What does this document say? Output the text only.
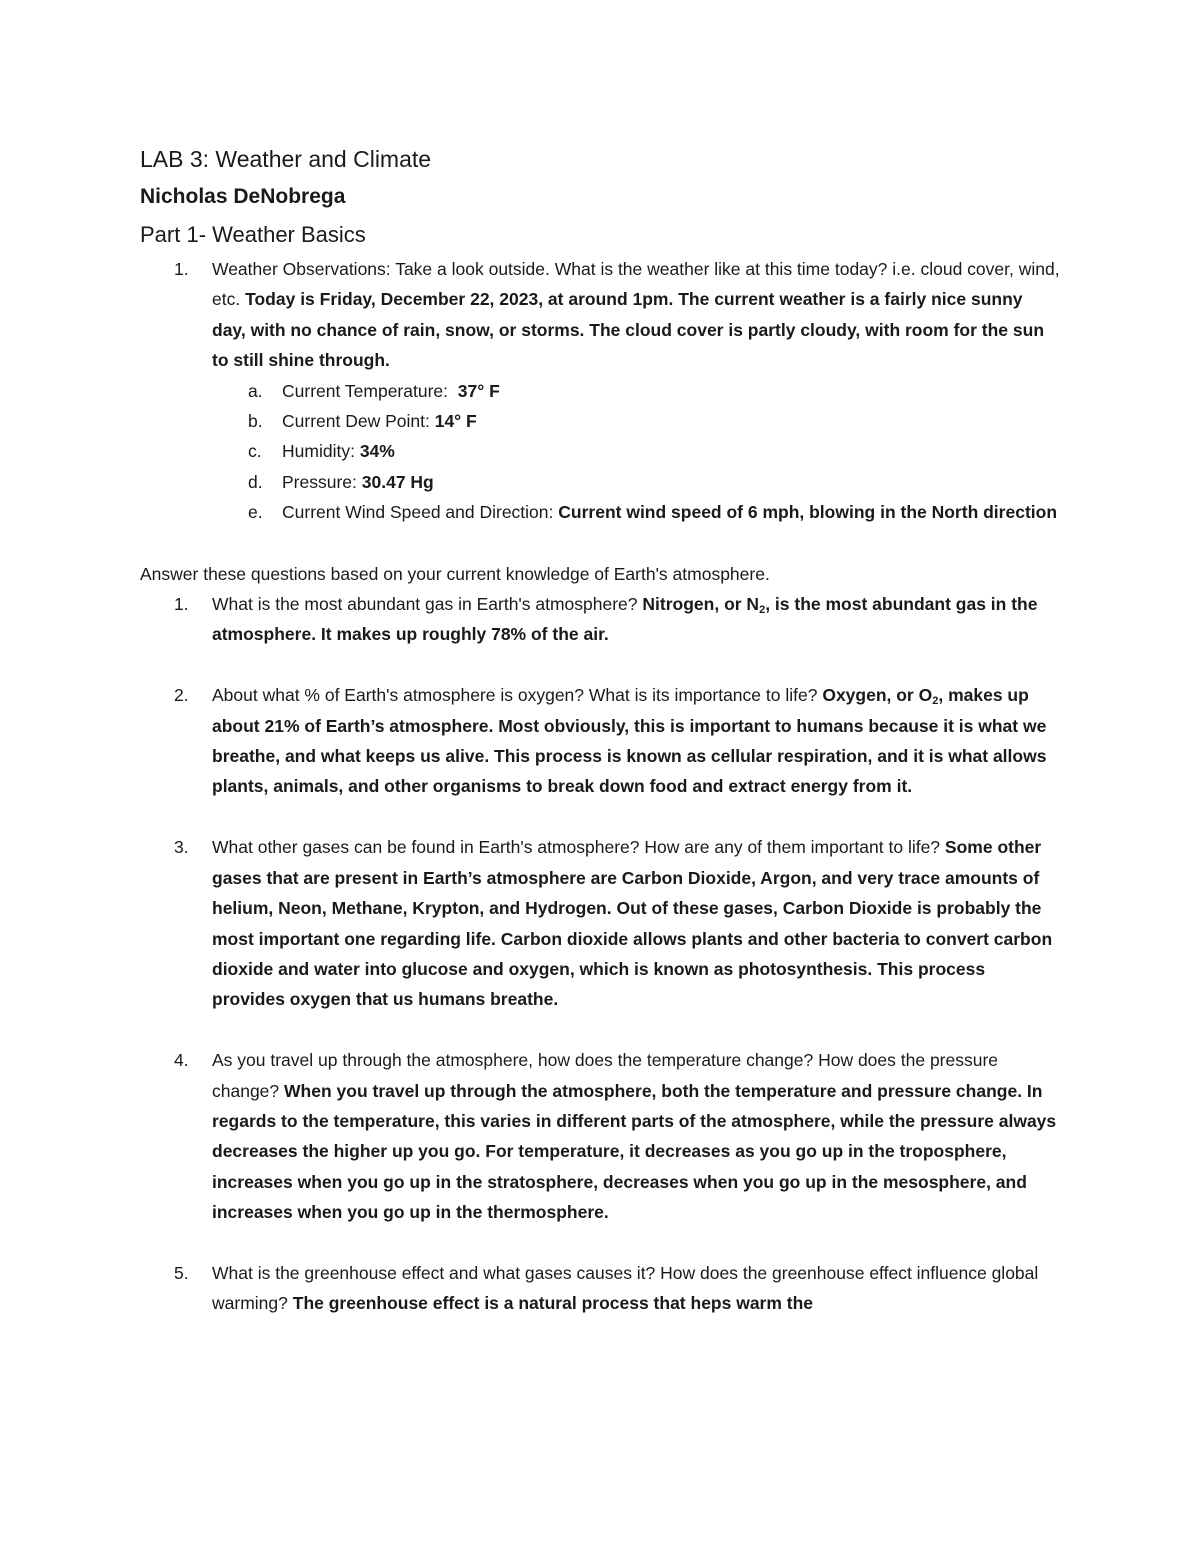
LAB 3: Weather and Climate

Nicholas DeNobrega

Part 1- Weather Basics

1. Weather Observations: Take a look outside. What is the weather like at this time today? i.e. cloud cover, wind, etc. Today is Friday, December 22, 2023, at around 1pm. The current weather is a fairly nice sunny day, with no chance of rain, snow, or storms. The cloud cover is partly cloudy, with room for the sun to still shine through.
a. Current Temperature: 37° F
b. Current Dew Point: 14° F
c. Humidity: 34%
d. Pressure: 30.47 Hg
e. Current Wind Speed and Direction: Current wind speed of 6 mph, blowing in the North direction

Answer these questions based on your current knowledge of Earth's atmosphere.

1. What is the most abundant gas in Earth's atmosphere? Nitrogen, or $N_2$, is the most abundant gas in the atmosphere. It makes up roughly 78% of the air.
2. About what % of Earth's atmosphere is oxygen? What is its importance to life? Oxygen, or $O_2$, makes up about 21% of Earth’s atmosphere. Most obviously, this is important to humans because it is what we breathe, and what keeps us alive. This process is known as cellular respiration, and it is what allows plants, animals, and other organisms to break down food and extract energy from it.
3. What other gases can be found in Earth's atmosphere? How are any of them important to life? Some other gases that are present in Earth’s atmosphere are Carbon Dioxide, Argon, and very trace amounts of helium, Neon, Methane, Krypton, and Hydrogen. Out of these gases, Carbon Dioxide is probably the most important one regarding life. Carbon dioxide allows plants and other bacteria to convert carbon dioxide and water into glucose and oxygen, which is known as photosynthesis. This process provides oxygen that us humans breathe.
4. As you travel up through the atmosphere, how does the temperature change? How does the pressure change? When you travel up through the atmosphere, both the temperature and pressure change. In regards to the temperature, this varies in different parts of the atmosphere, while the pressure always decreases the higher up you go. For temperature, it decreases as you go up in the troposphere, increases when you go up in the stratosphere, decreases when you go up in the mesosphere, and increases when you go up in the thermosphere.
5. What is the greenhouse effect and what gases causes it? How does the greenhouse effect influence global warming? The greenhouse effect is a natural process that heps warm the
